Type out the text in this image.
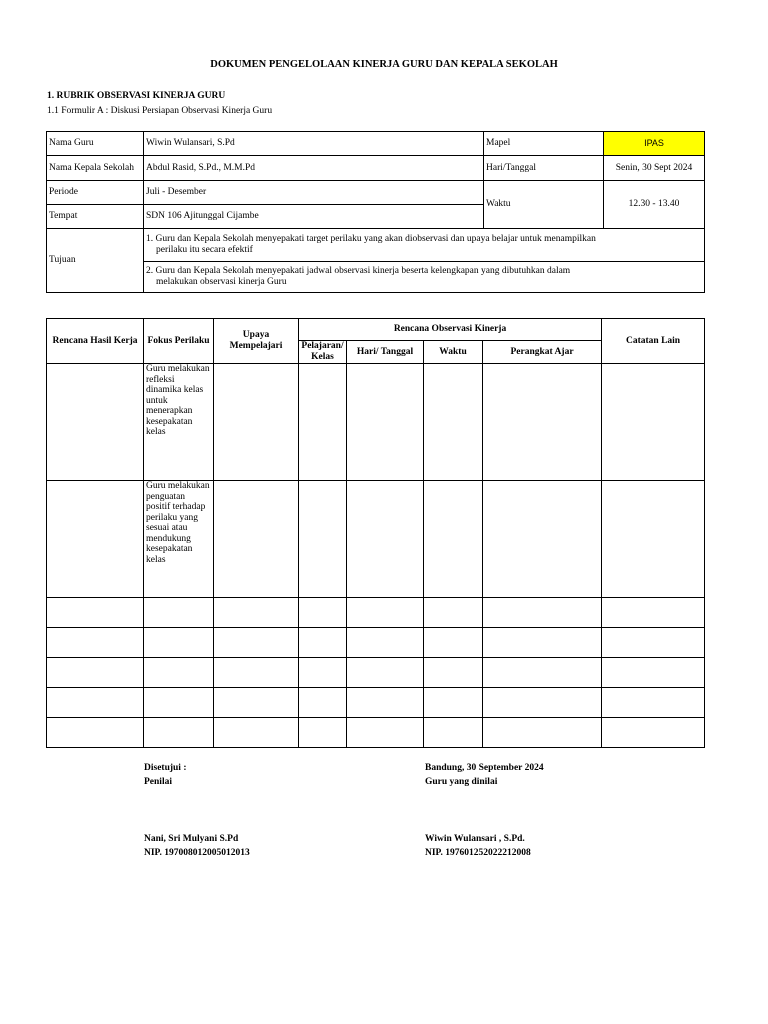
DOKUMEN PENGELOLAAN KINERJA GURU DAN KEPALA SEKOLAH
1. RUBRIK OBSERVASI KINERJA GURU
1.1 Formulir A : Diskusi Persiapan Observasi Kinerja Guru
Nama Guru	Wiwin Wulansari, S.Pd	Mapel	IPAS
Nama Kepala Sekolah	Abdul Rasid, S.Pd., M.M.Pd	Hari/Tanggal	Senin, 30 Sept 2024
Periode	Juli - Desember	Waktu	12.30 - 13.40
Tempat	SDN 106 Ajitunggal Cijambe		
Tujuan	1. Guru dan Kepala Sekolah menyepakati target perilaku yang akan diobservasi dan upaya belajar untuk menampilkan
perilaku itu secara efektif		

	2. Guru dan Kepala Sekolah menyepakati jadwal observasi kinerja beserta kelengkapan yang dibutuhkan dalam
melakukan observasi kinerja Guru		
Rencana Hasil Kerja	Fokus Perilaku	Upaya Mempelajari	Rencana Observasi Kinerja				Catatan Lain
			Pelajaran/ Kelas	Hari/ Tanggal	Waktu	Perangkat Ajar	
	Guru melakukan refleksi dinamika kelas untuk menerapkan kesepakatan kelas						
	Guru melakukan penguatan positif terhadap perilaku yang sesuai atau mendukung kesepakatan kelas						

Disetujui :
Penilai
Nani, Sri Mulyani S.Pd
NIP. 197008012005012013
Bandung, 30 September 2024
Guru yang dinilai
Wiwin Wulansari , S.Pd.
NIP. 197601252022212008
